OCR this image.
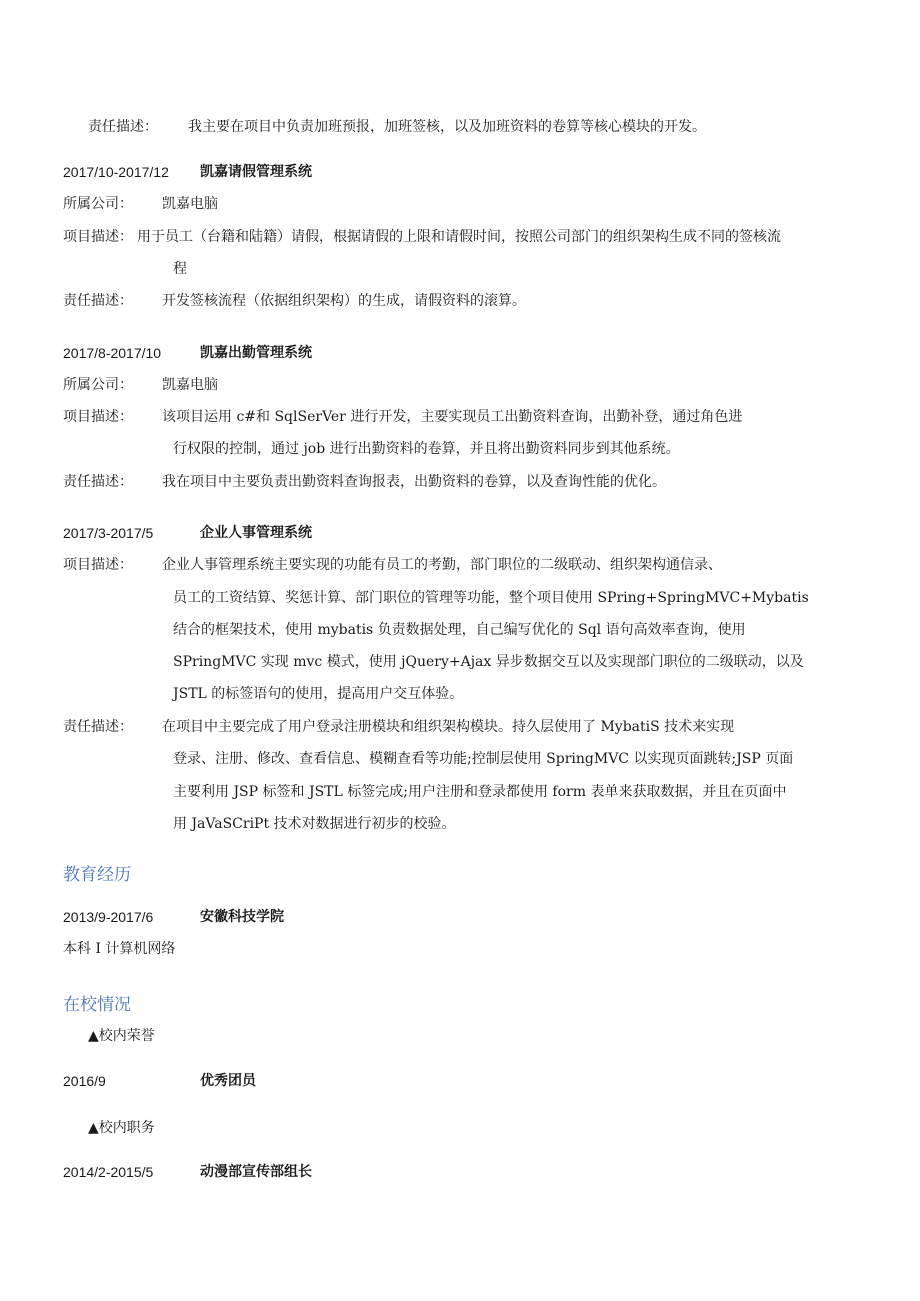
责任描述： 我主要在项目中负责加班预报，加班签核，以及加班资料的卷算等核心模块的开发。
2017/10-2017/12 凯嘉请假管理系统
所属公司： 凯嘉电脑
项目描述： 用于员工（台籍和陆籍）请假，根据请假的上限和请假时间，按照公司部门的组织架构生成不同的签核流
程
责任描述： 开发签核流程（依据组织架构）的生成，请假资料的滚算。
2017/8-2017/10	凯嘉出勤管理系统
所属公司： 凯嘉电脑
项目描述： 该项目运用 c#和 SqlSerVer 进行开发，主要实现员工出勤资料查询，出勤补登，通过角色进
行权限的控制，通过 job 进行出勤资料的卷算，并且将出勤资料同步到其他系统。
责任描述： 我在项目中主要负责出勤资料查询报表，出勤资料的卷算，以及查询性能的优化。
2017/3-2017/5	企业人事管理系统
项目描述： 企业人事管理系统主要实现的功能有员工的考勤，部门职位的二级联动、组织架构通信录、
员工的工资结算、奖惩计算、部门职位的管理等功能，整个项目使用 SPring+SpringMVC+Mybatis
结合的框架技术，使用 mybatis 负责数据处理，自己编写优化的 Sql 语句高效率查询，使用
SPringMVC 实现 mvc 模式，使用 jQuery+Ajax 异步数据交互以及实现部门职位的二级联动，以及
JSTL 的标签语句的使用，提高用户交互体验。
责任描述： 在项目中主要完成了用户登录注册模块和组织架构模块。持久层使用了 MybatiS 技术来实现
登录、注册、修改、查看信息、模糊查看等功能;控制层使用 SpringMVC 以实现页面跳转;JSP 页面
主要利用 JSP 标签和 JSTL 标签完成;用户注册和登录都使用 form 表单来获取数据，并且在页面中
用 JaVaSCriPt 技术对数据进行初步的校验。
教育经历
2013/9-2017/6	安徽科技学院
本科 I 计算机网络
在校情况
▲校内荣誉
2016/9	优秀团员
▲校内职务
2014/2-2015/5	动漫部宣传部组长
